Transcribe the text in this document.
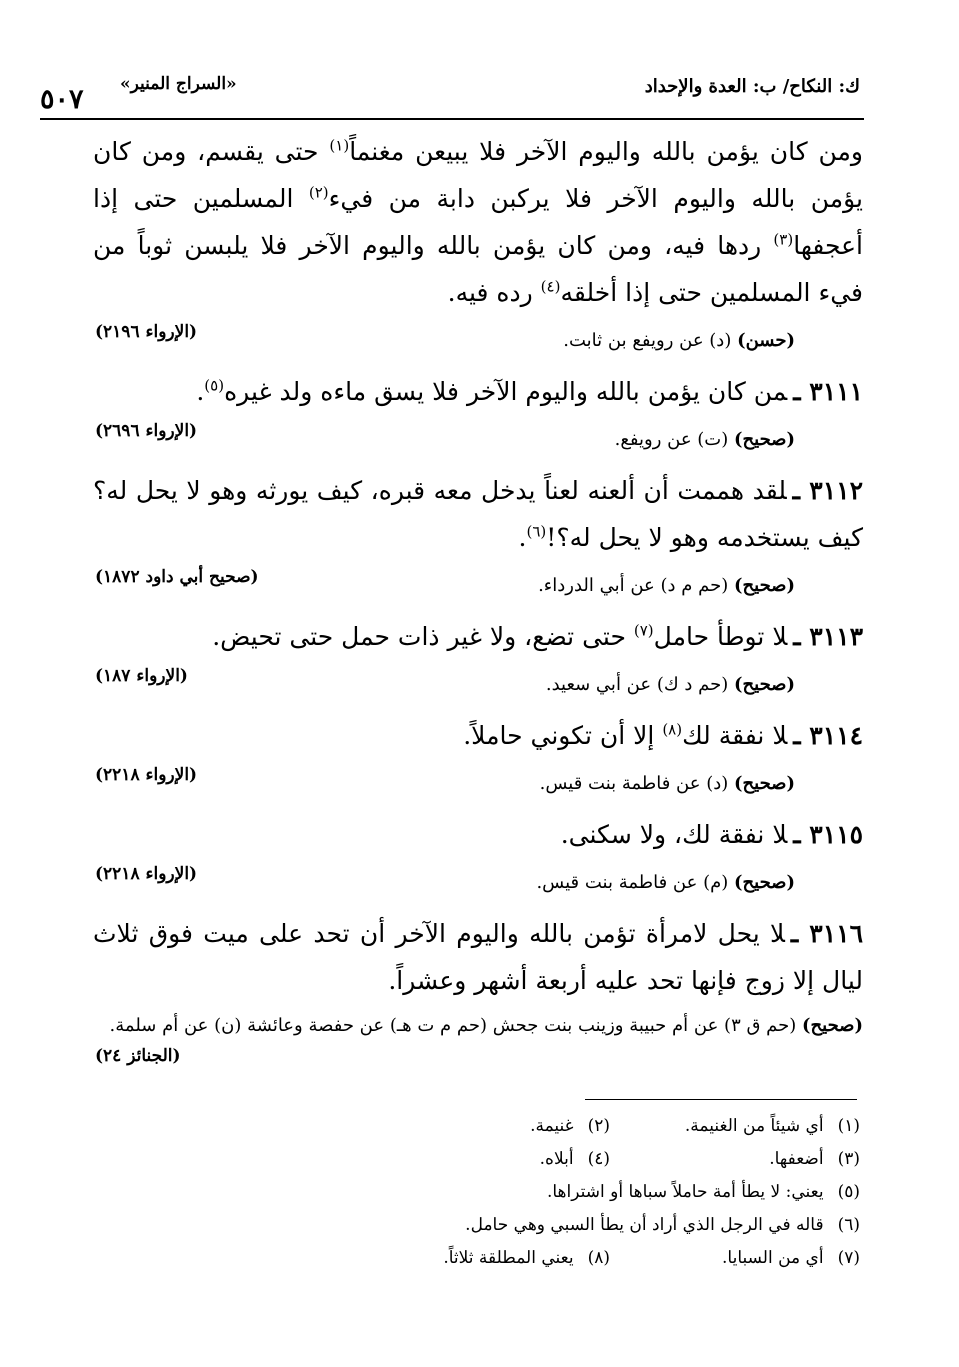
٥٠٧ «السراج المنير»	ك: النكاح/ ب: العدة والإحداد

ومن كان يؤمن بالله واليوم الآخر فلا يبيعن مغنماً$^{(١)}$ حتى يقسم، ومن كان يؤمن بالله واليوم الآخر فلا يركبن دابة من فيء$^{(٢)}$ المسلمين حتى إذا أعجفها$^{(٣)}$ ردها فيه، ومن كان يؤمن بالله واليوم الآخر فلا يلبسن ثوباً من فيء المسلمين حتى إذا أخلقه$^{(٤)}$ رده فيه.

(حسن) (د) عن رويفع بن ثابت.
(الإرواء ٢١٩٦)

٣١١١ ـمن كان يؤمن بالله واليوم الآخر فلا يسق ماءه ولد غيره$^{(٥)}$.

(صحيح) (ت) عن رويفع.
(الإرواء ٢٦٩٦)

٣١١٢ ـلقد هممت أن ألعنه لعناً يدخل معه قبره، كيف يورثه وهو لا يحل له؟ كيف يستخدمه وهو لا يحل له؟!$^{(٦)}$.

(صحيح) (حم م د) عن أبي الدرداء.
(صحيح أبي داود ١٨٧٢)

٣١١٣ ـلا توطأ حامل$^{(٧)}$ حتى تضع، ولا غير ذات حمل حتى تحيض.

(صحيح) (حم د ك) عن أبي سعيد.
(الإرواء ١٨٧)

٣١١٤ ـلا نفقة لك$^{(٨)}$ إلا أن تكوني حاملاً.

(صحيح) (د) عن فاطمة بنت قيس.
(الإرواء ٢٢١٨)

٣١١٥ ـلا نفقة لك، ولا سكنى.

(صحيح) (م) عن فاطمة بنت قيس.
(الإرواء ٢٢١٨)

٣١١٦ ـلا يحل لامرأة تؤمن بالله واليوم الآخر أن تحد على ميت فوق ثلاث ليال إلا زوج فإنها تحد عليه أربعة أشهر وعشراً.

(صحيح) (حم ق ٣) عن أم حبيبة وزينب بنت جحش (حم م ت هـ) عن حفصة وعائشة (ن) عن أم سلمة.
(الجنائز ٢٤)
(١)أي شيئاً من الغنيمة.
(٢)غنيمة.
(٣)أضعفها.
(٤)أبلاه.
(٥)يعني: لا يطأ أمة حاملاً سباها أو اشتراها.
(٦)قاله في الرجل الذي أراد أن يطأ السبي وهي حامل.
(٧)أي من السبايا.
(٨)يعني المطلقة ثلاثاً.
